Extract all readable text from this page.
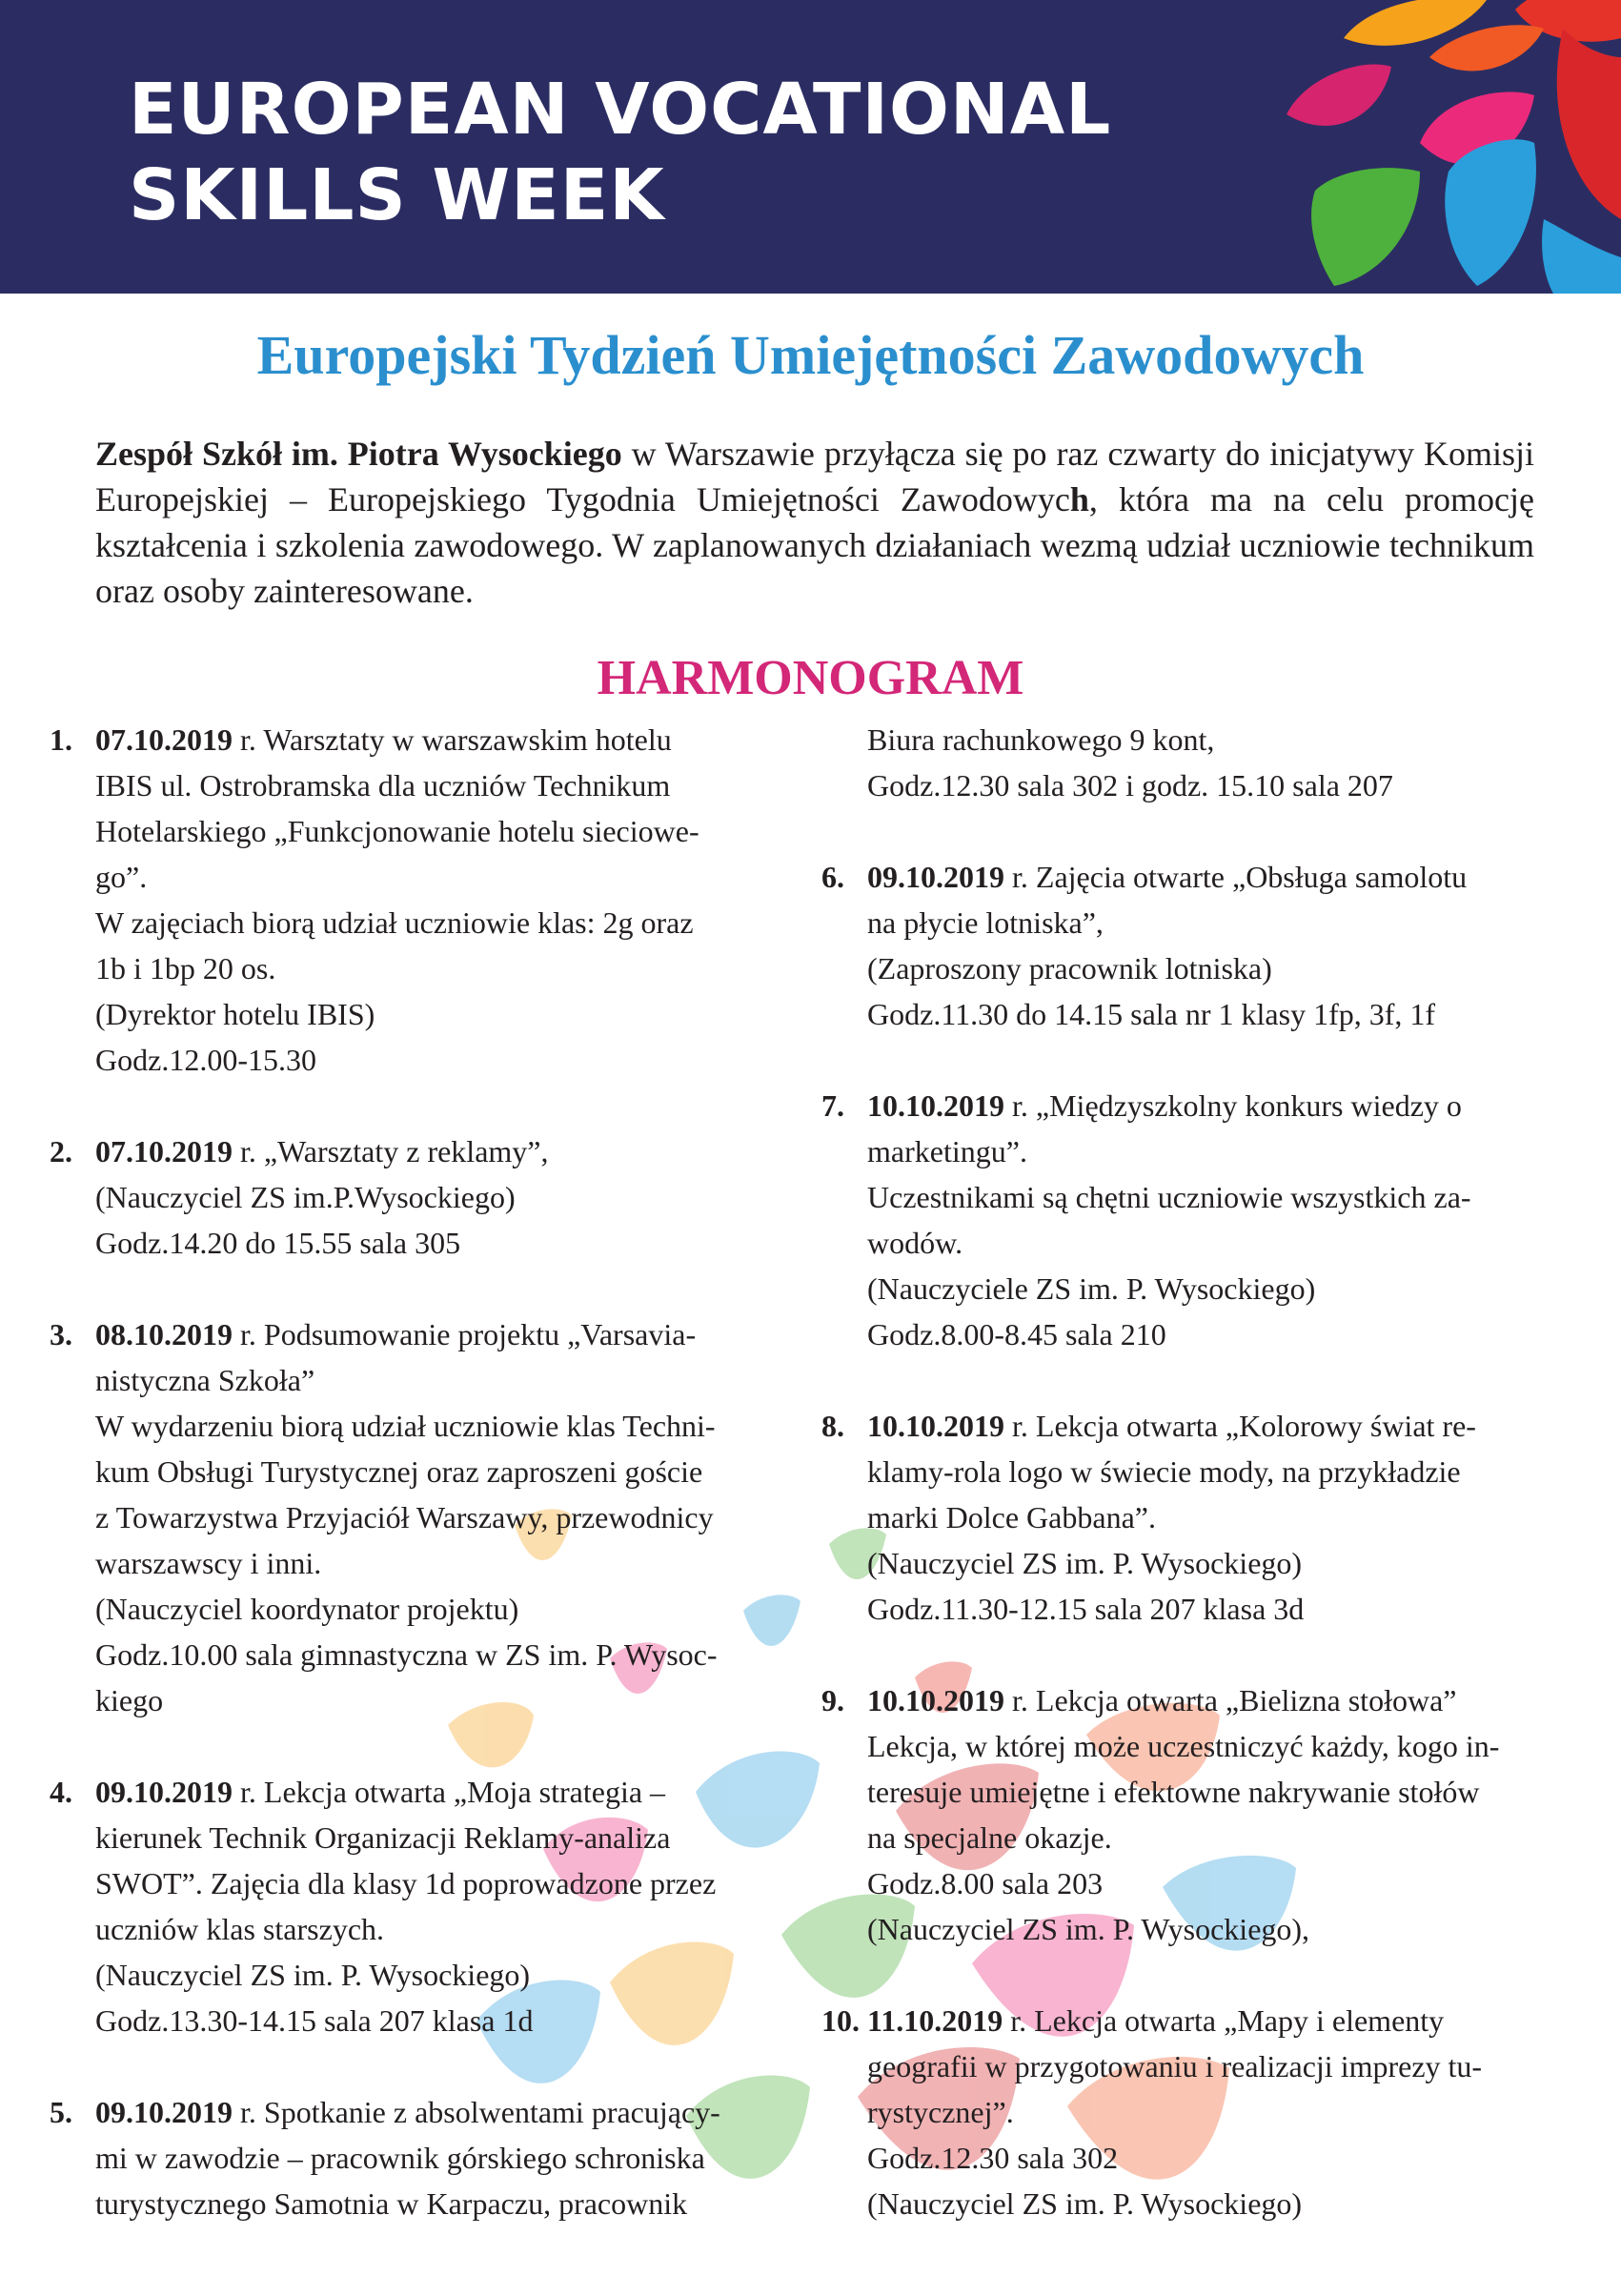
EUROPEAN VOCATIONAL
SKILLS WEEK
Europejski Tydzień Umiejętności Zawodowych

Zespół Szkół im. Piotra Wysockiego w Warszawie przyłącza się po raz czwarty do inicjatywy Komisji Europejskiej – Europejskiego Tygodnia Umiejętności Zawodowych, która ma na celu promocję kształcenia i szkolenia zawodowego. W zaplanowanych działaniach wezmą udział uczniowie technikum oraz osoby zainteresowane.

HARMONOGRAM
1. 07.10.2019 r. Warsztaty w warszawskim hotelu
IBIS ul. Ostrobramska dla uczniów Technikum
Hotelarskiego „Funkcjonowanie hotelu sieciowe-
go”.
W zajęciach biorą udział uczniowie klas: 2g oraz
1b i 1bp 20 os.
(Dyrektor hotelu IBIS)
Godz.12.00-15.30
2. 07.10.2019 r. „Warsztaty z reklamy”,
(Nauczyciel ZS im.P.Wysockiego)
Godz.14.20 do 15.55 sala 305
3. 08.10.2019 r. Podsumowanie projektu „Varsavia-
nistyczna Szkoła”
W wydarzeniu biorą udział uczniowie klas Techni-
kum Obsługi Turystycznej oraz zaproszeni goście
z Towarzystwa Przyjaciół Warszawy, przewodnicy
warszawscy i inni.
(Nauczyciel koordynator projektu)
Godz.10.00 sala gimnastyczna w ZS im. P. Wysoc-
kiego
4. 09.10.2019 r. Lekcja otwarta „Moja strategia –
kierunek Technik Organizacji Reklamy-analiza
SWOT”. Zajęcia dla klasy 1d poprowadzone przez
uczniów klas starszych.
(Nauczyciel ZS im. P. Wysockiego)
Godz.13.30-14.15 sala 207 klasa 1d
5. 09.10.2019 r. Spotkanie z absolwentami pracujący-
mi w zawodzie – pracownik górskiego schroniska
turystycznego Samotnia w Karpaczu, pracownik
Biura rachunkowego 9 kont,
Godz.12.30 sala 302 i godz. 15.10 sala 207
6. 09.10.2019 r. Zajęcia otwarte „Obsługa samolotu
na płycie lotniska”,
(Zaproszony pracownik lotniska)
Godz.11.30 do 14.15 sala nr 1 klasy 1fp, 3f, 1f
7. 10.10.2019 r. „Międzyszkolny konkurs wiedzy o
marketingu”.
Uczestnikami są chętni uczniowie wszystkich za-
wodów.
(Nauczyciele ZS im. P. Wysockiego)
Godz.8.00-8.45 sala 210
8. 10.10.2019 r. Lekcja otwarta „Kolorowy świat re-
klamy-rola logo w świecie mody, na przykładzie
marki Dolce Gabbana”.
(Nauczyciel ZS im. P. Wysockiego)
Godz.11.30-12.15 sala 207 klasa 3d
9. 10.10.2019 r. Lekcja otwarta „Bielizna stołowa”
Lekcja, w której może uczestniczyć każdy, kogo in-
teresuje umiejętne i efektowne nakrywanie stołów
na specjalne okazje.
Godz.8.00 sala 203
(Nauczyciel ZS im. P. Wysockiego),
10. 11.10.2019 r. Lekcja otwarta „Mapy i elementy
geografii w przygotowaniu i realizacji imprezy tu-
rystycznej”.
Godz.12.30 sala 302
(Nauczyciel ZS im. P. Wysockiego)
